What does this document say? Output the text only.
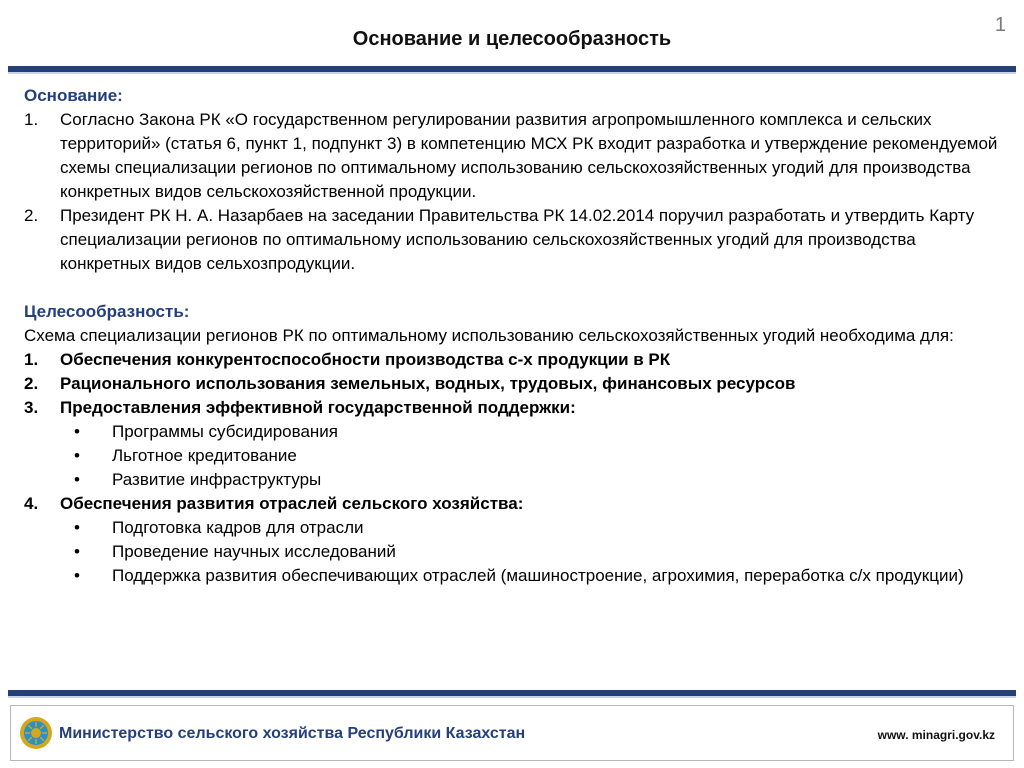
Основание и целесообразность
1
Основание:
1.	Согласно Закона РК «О государственном регулировании развития агропромышленного комплекса и сельских территорий» (статья 6, пункт 1, подпункт 3) в компетенцию МСХ РК входит разработка и утверждение рекомендуемой схемы специализации регионов по оптимальному использованию сельскохозяйственных угодий для производства конкретных видов сельскохозяйственной продукции.
2.	Президент РК Н. А. Назарбаев на заседании Правительства РК 14.02.2014 поручил разработать и утвердить Карту специализации регионов по оптимальному использованию сельскохозяйственных угодий для производства конкретных видов сельхозпродукции.
Целесообразность:
Схема специализации регионов РК по оптимальному использованию сельскохозяйственных угодий необходима для:
1.	Обеспечения конкурентоспособности производства с-х продукции в РК
2.	Рационального использования земельных, водных, трудовых, финансовых ресурсов
3.	Предоставления эффективной государственной поддержки:
• Программы субсидирования
• Льготное кредитование
• Развитие инфраструктуры
4.	Обеспечения развития отраслей сельского хозяйства:
• Подготовка кадров для отрасли
• Проведение научных исследований
• Поддержка развития обеспечивающих отраслей (машиностроение, агрохимия, переработка с/х продукции)
Министерство сельского хозяйства Республики Казахстан	www. minagri.gov.kz
